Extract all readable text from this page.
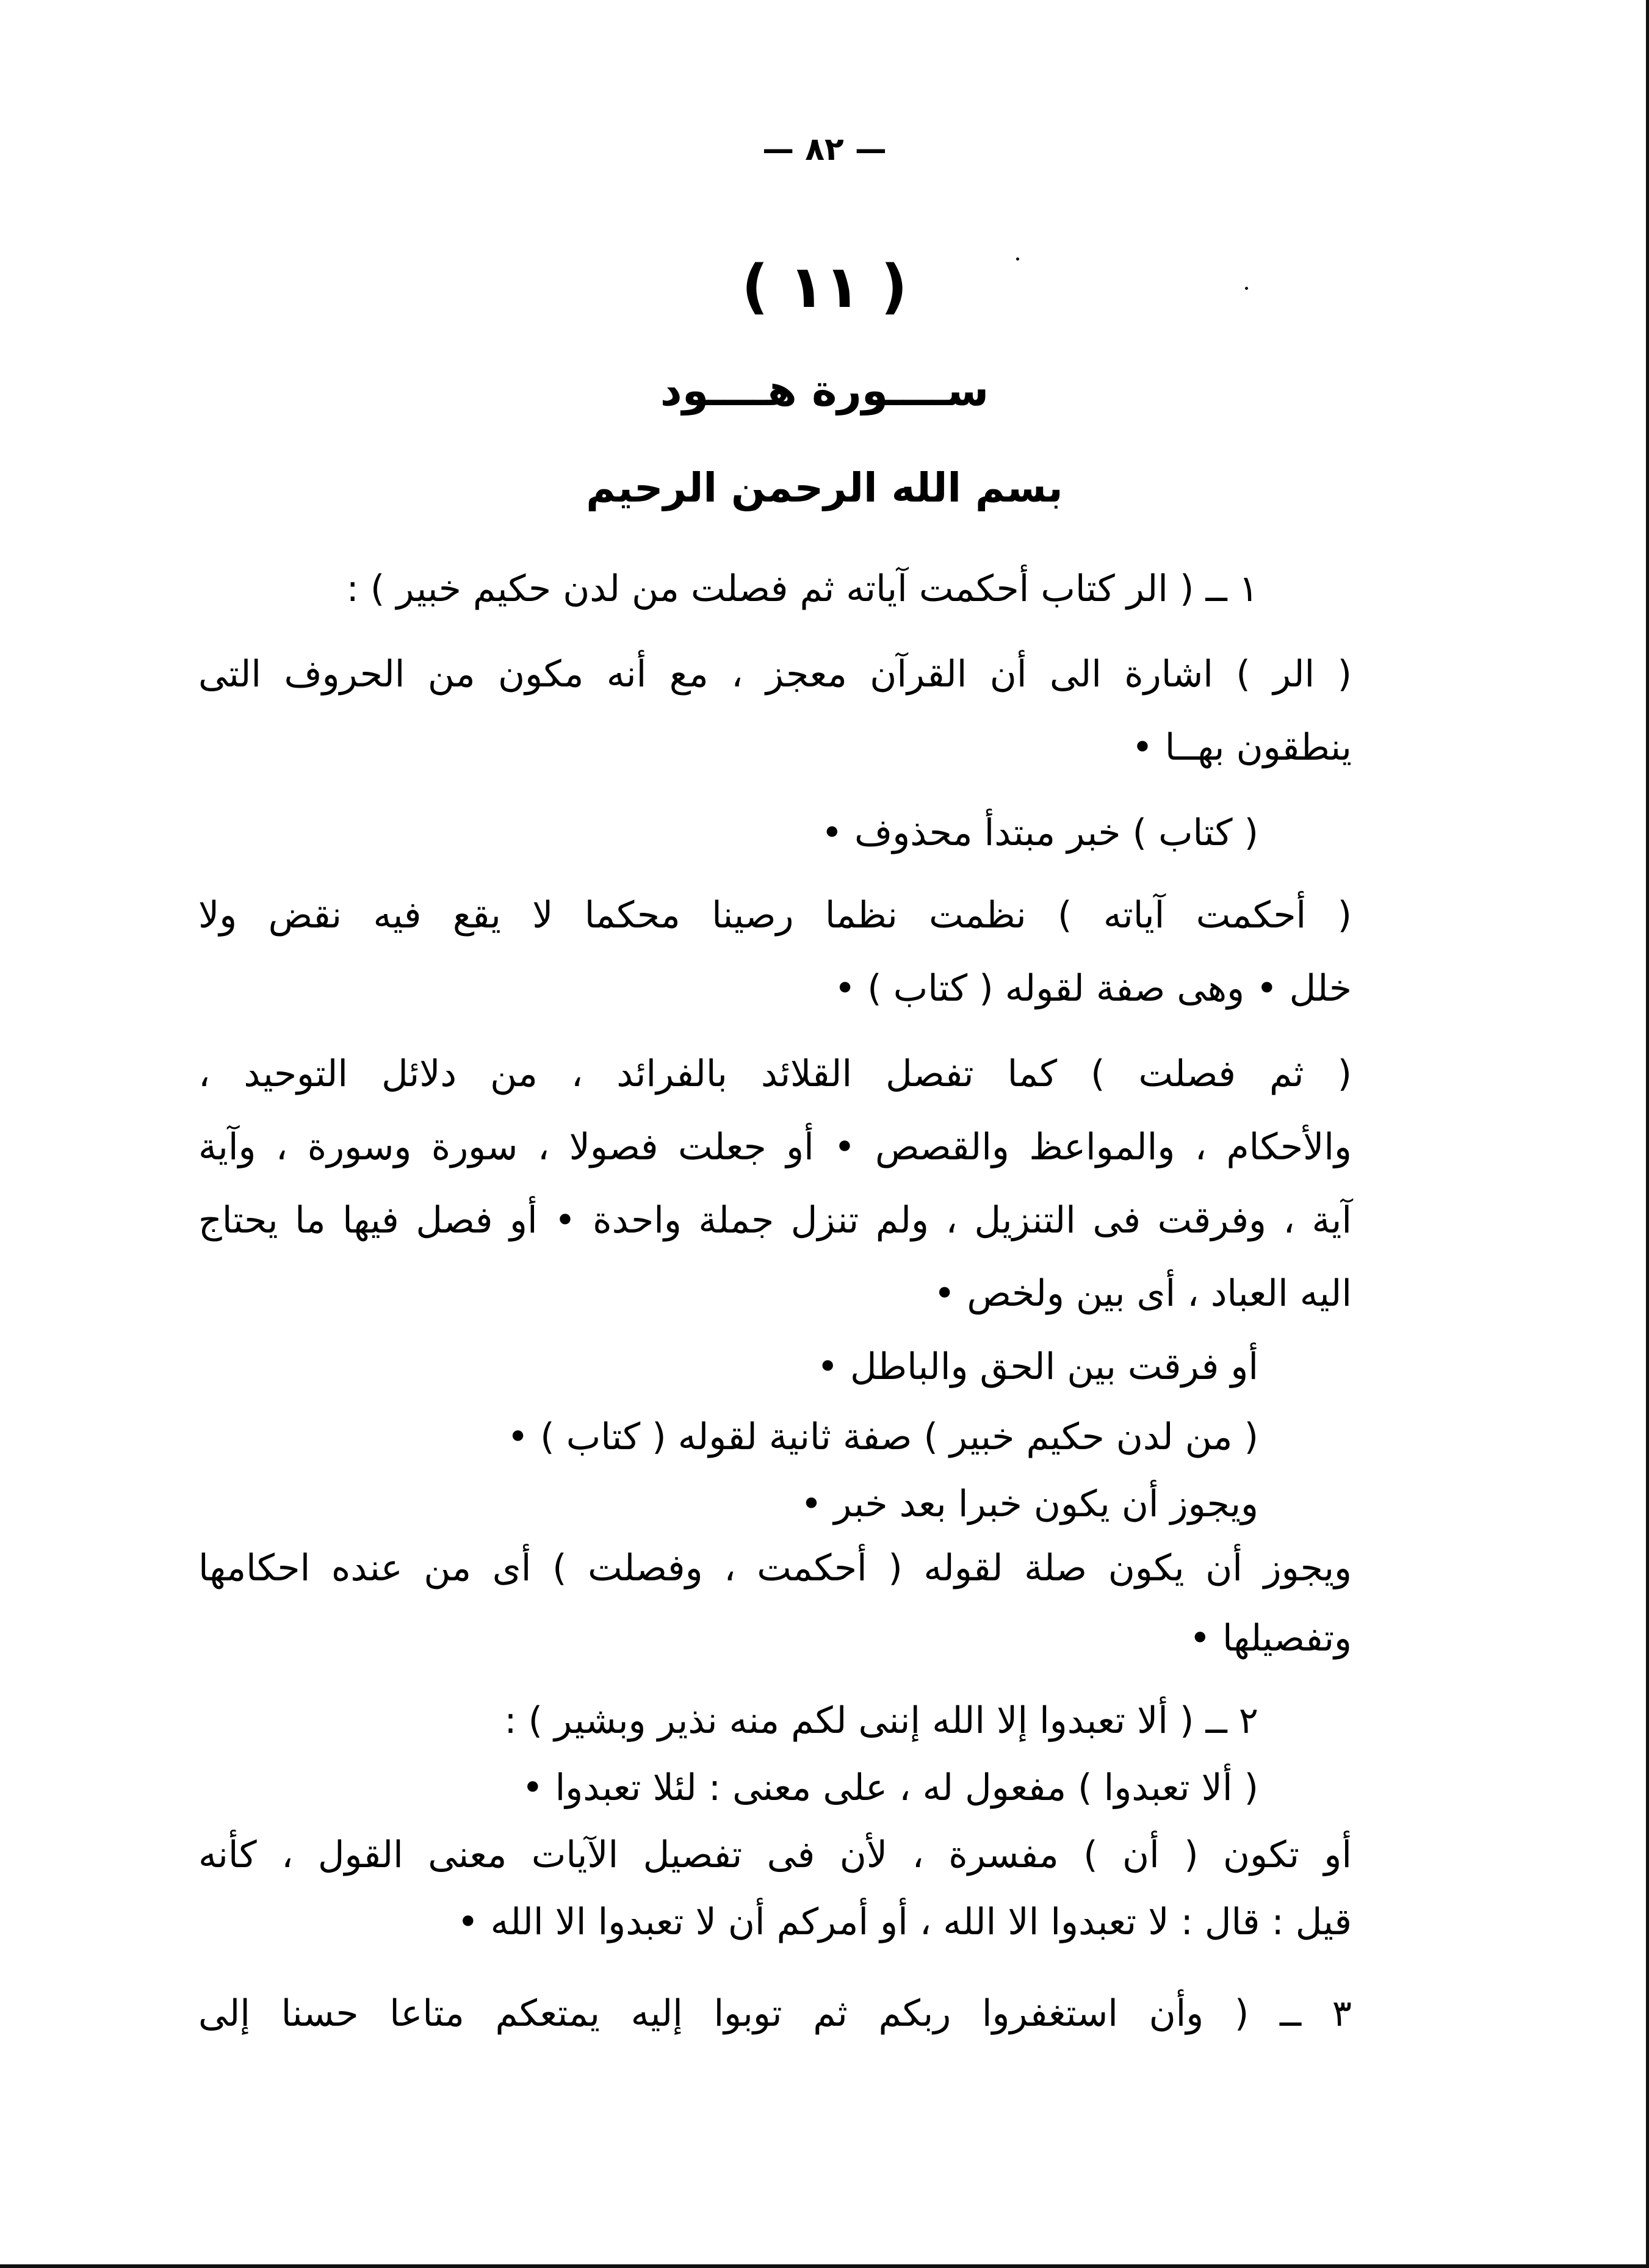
— ٨٢ —
( ١١ )
ســــورة هــــود
بسم الله الرحمن الرحيم
١ ــ ( الر كتاب أحكمت آياته ثم فصلت من لدن حكيم خبير ) :
( الر ) اشارة الى أن القرآن معجز ، مع أنه مكون من الحروف التى
ينطقون بهــا •
( كتاب ) خبر مبتدأ محذوف •
( أحكمت آياته ) نظمت نظما رصينا محكما لا يقع فيه نقض ولا
خلل • وهى صفة لقوله ( كتاب ) •
( ثم فصلت ) كما تفصل القلائد بالفرائد ، من دلائل التوحيد ،
والأحكام ، والمواعظ والقصص • أو جعلت فصولا ، سورة وسورة ، وآية
آية ، وفرقت فى التنزيل ، ولم تنزل جملة واحدة • أو فصل فيها ما يحتاج
اليه العباد ، أى بين ولخص •
أو فرقت بين الحق والباطل •
( من لدن حكيم خبير ) صفة ثانية لقوله ( كتاب ) •
ويجوز أن يكون خبرا بعد خبر •
ويجوز أن يكون صلة لقوله ( أحكمت ، وفصلت ) أى من عنده احكامها
وتفصيلها •
٢ ــ ( ألا تعبدوا إلا الله إننى لكم منه نذير وبشير ) :
( ألا تعبدوا ) مفعول له ، على معنى : لئلا تعبدوا •
أو تكون ( أن ) مفسرة ، لأن فى تفصيل الآيات معنى القول ، كأنه
قيل : قال : لا تعبدوا الا الله ، أو أمركم أن لا تعبدوا الا الله •
٣ ــ ( وأن استغفروا ربكم ثم توبوا إليه يمتعكم متاعا حسنا إلى
